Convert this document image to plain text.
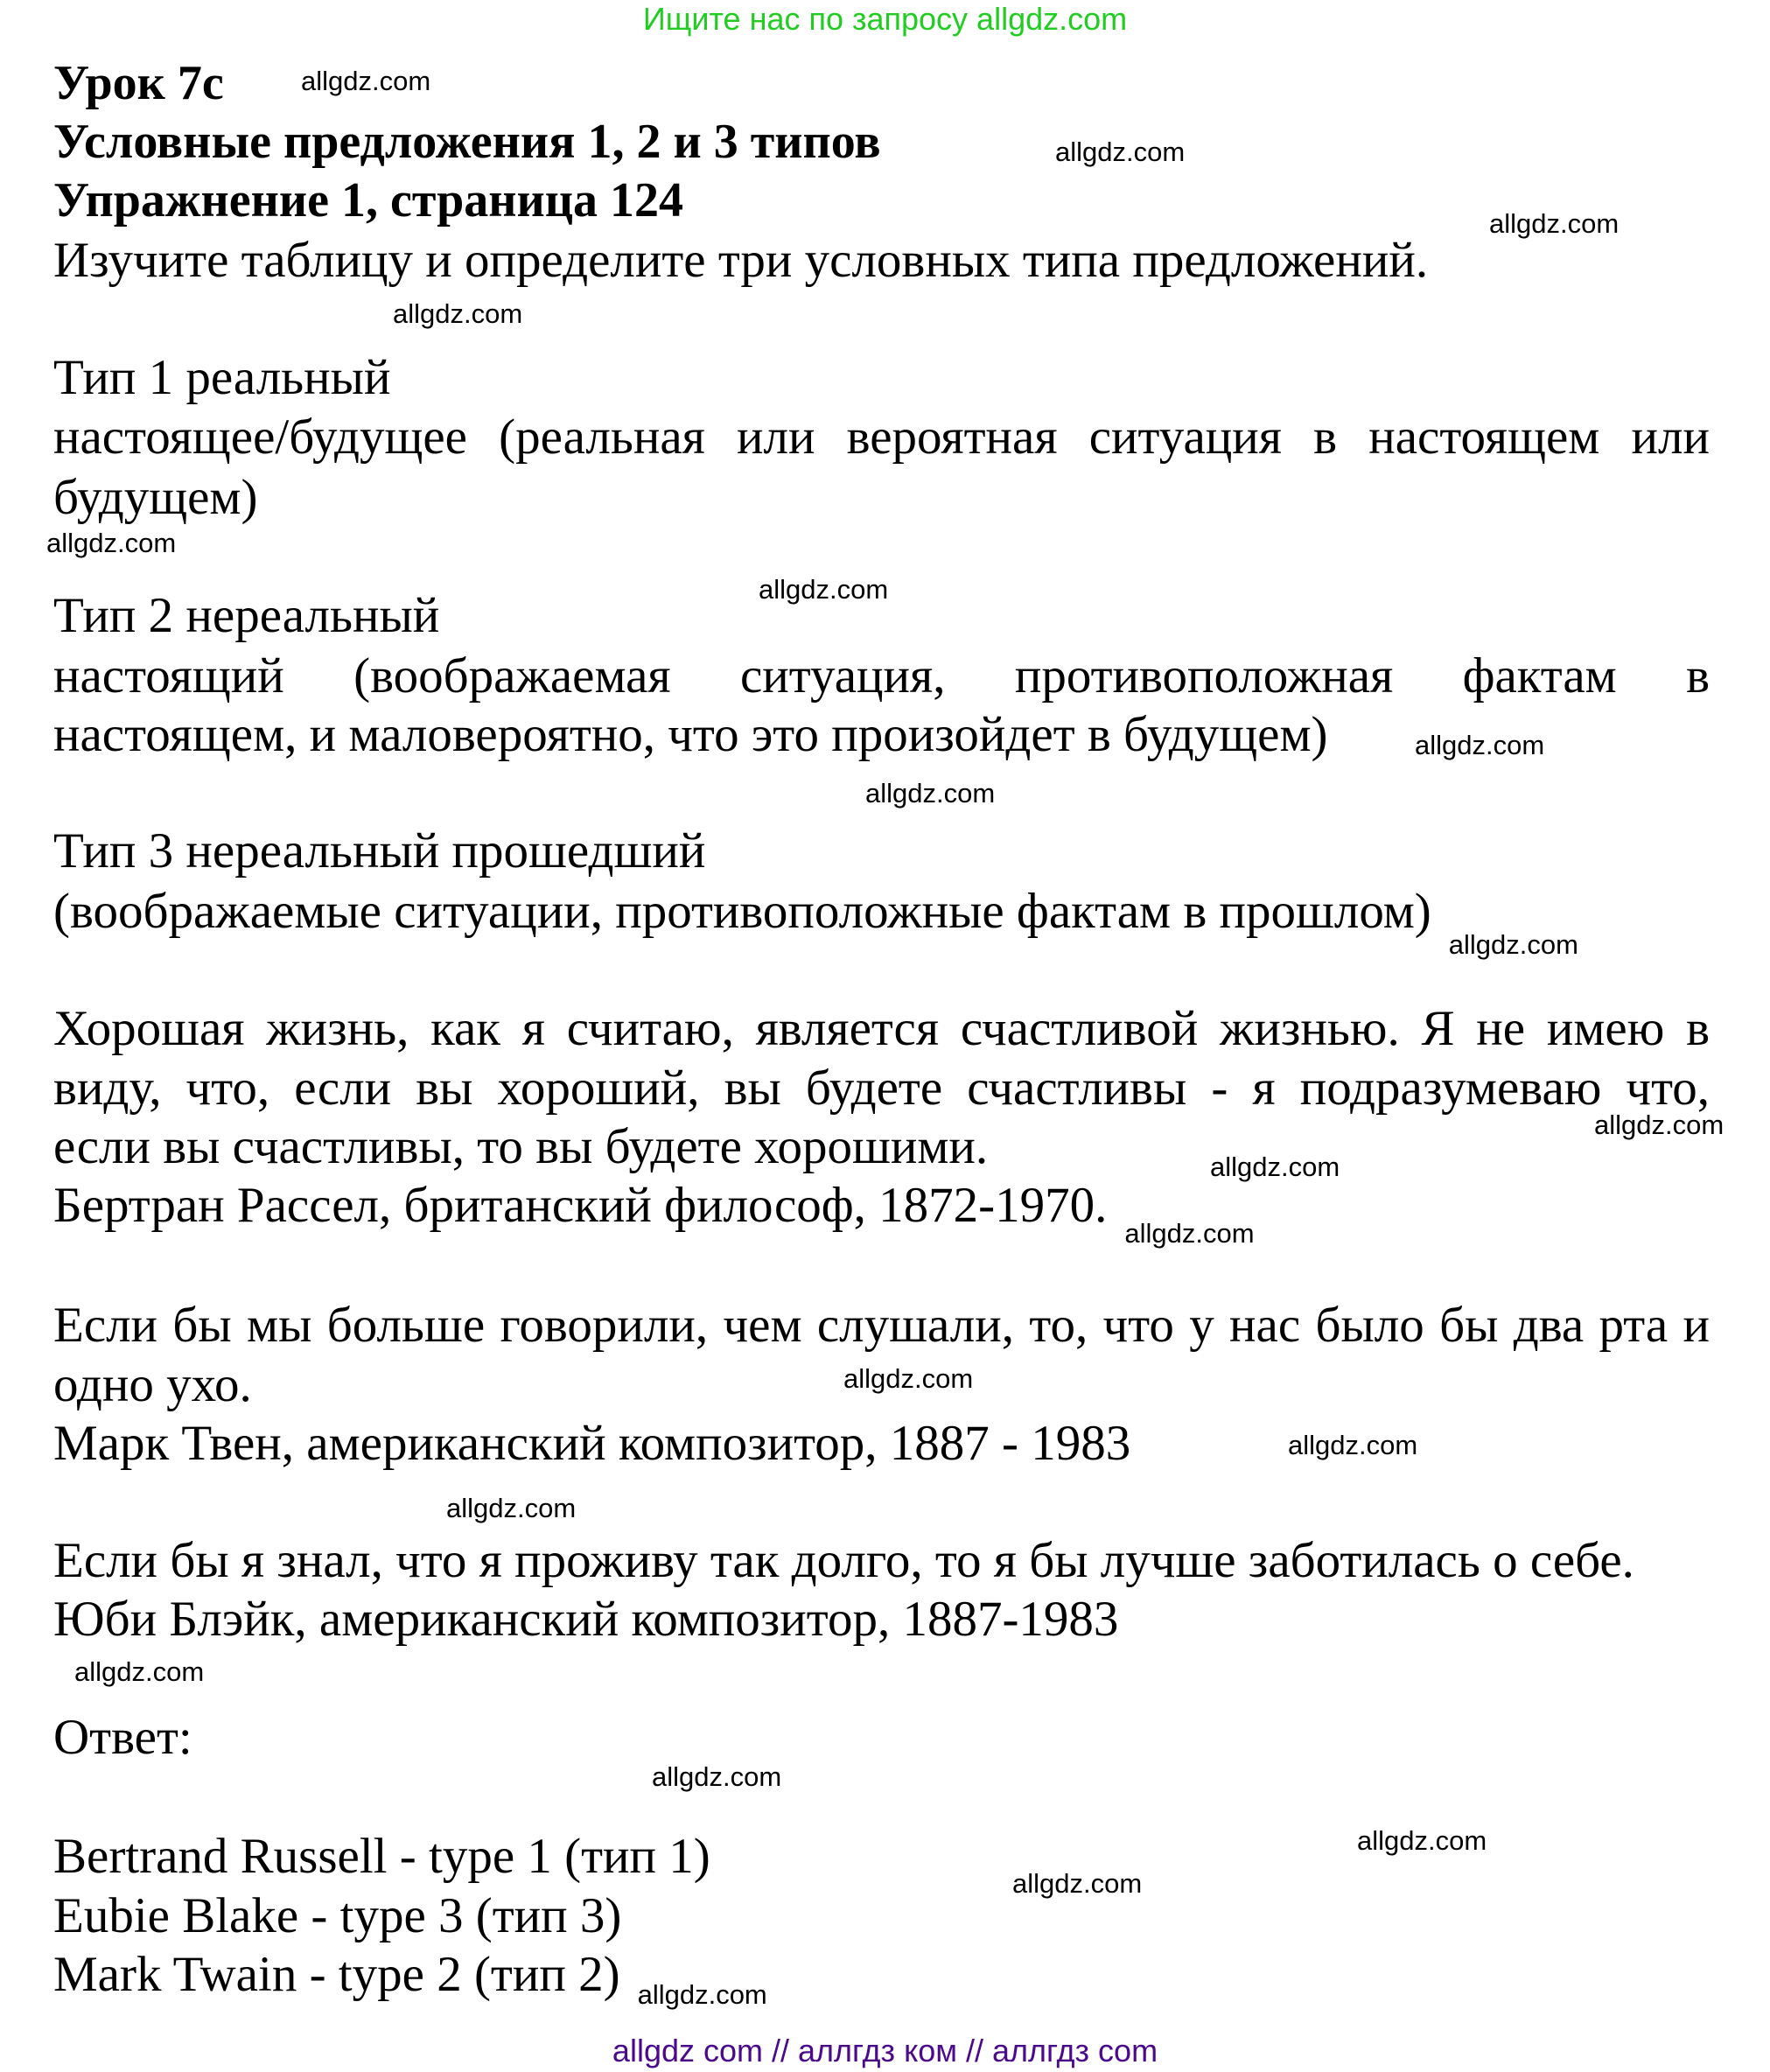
Ищите нас по запросу allgdz.com
Урок 7с
Условные предложения 1, 2 и 3 типов
Упражнение 1, страница 124
Изучите таблицу и определите три условных типа предложений.
Тип 1 реальный
настоящее/будущее (реальная или вероятная ситуация в настоящем или
будущем)
Тип 2 нереальный
настоящий (воображаемая ситуация, противоположная фактам в
настоящем, и маловероятно, что это произойдет в будущем)
Тип 3 нереальный прошедший
(воображаемые ситуации, противоположные фактам в прошлом)
Хорошая жизнь, как я считаю, является счастливой жизнью. Я не имею в
виду, что, если вы хороший, вы будете счастливы - я подразумеваю что,
если вы счастливы, то вы будете хорошими.
Бертран Рассел, британский философ, 1872-1970.
Если бы мы больше говорили, чем слушали, то, что у нас было бы два рта и
одно ухо.
Марк Твен, американский композитор, 1887 - 1983
Если бы я знал, что я проживу так долго, то я бы лучше заботилась о себе.
Юби Блэйк, американский композитор, 1887-1983
Ответ:
Bertrand Russell - type 1 (тип 1)
Eubie Blake - type 3 (тип 3)
Mark Twain - type 2 (тип 2)
allgdz.com
allgdz.com
allgdz.com
allgdz.com
allgdz.com
allgdz.com
allgdz.com
allgdz.com
allgdz.com
allgdz.com
allgdz.com
allgdz.com
allgdz.com
allgdz.com
allgdz.com
allgdz.com
allgdz.com
allgdz.com
allgdz.com
allgdz.com
allgdz com // аллгдз ком // аллгдз com
